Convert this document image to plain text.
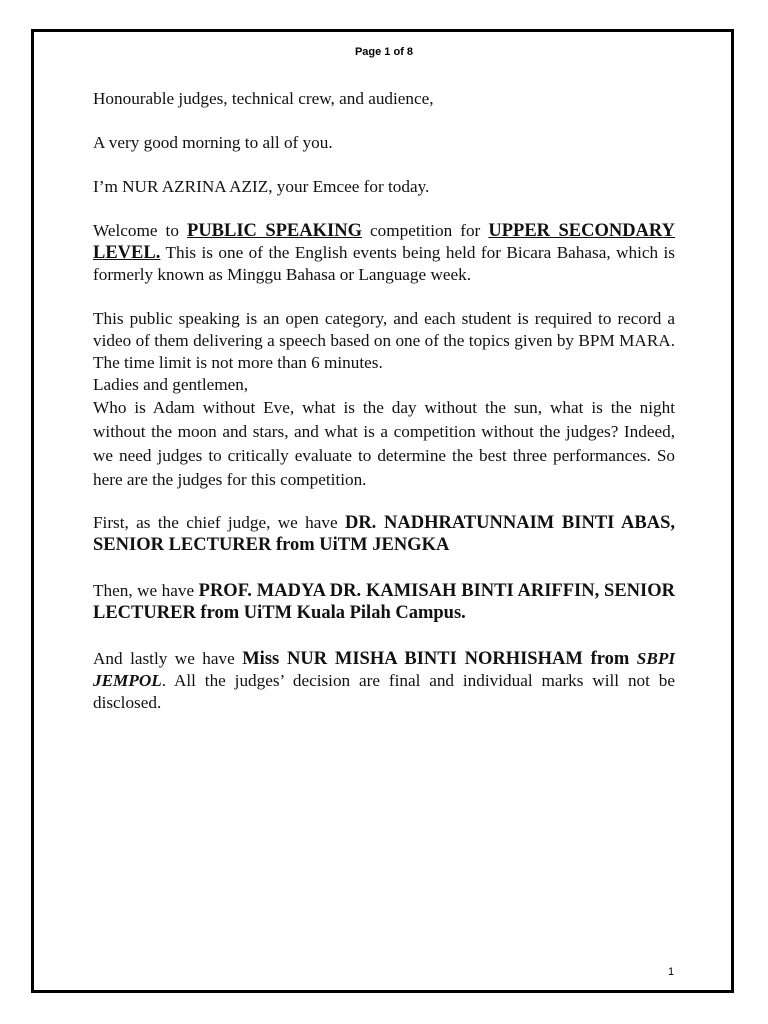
Page 1 of 8

Honourable judges, technical crew, and audience,

A very good morning to all of you.

I’m NUR AZRINA AZIZ, your Emcee for today.

Welcome to PUBLIC SPEAKING competition for UPPER SECONDARY LEVEL. This is one of the English events being held for Bicara Bahasa, which is formerly known as Minggu Bahasa or Language week.

This public speaking is an open category, and each student is required to record a video of them delivering a speech based on one of the topics given by BPM MARA. The time limit is not more than 6 minutes.

Ladies and gentlemen,

Who is Adam without Eve, what is the day without the sun, what is the night without the moon and stars, and what is a competition without the judges? Indeed, we need judges to critically evaluate to determine the best three performances. So here are the judges for this competition.

First, as the chief judge, we have DR. NADHRATUNNAIM BINTI ABAS, SENIOR LECTURER from UiTM JENGKA

Then, we have PROF. MADYA DR. KAMISAH BINTI ARIFFIN, SENIOR LECTURER from UiTM Kuala Pilah Campus.

And lastly we have Miss NUR MISHA BINTI NORHISHAM from SBPI JEMPOL. All the judges’ decision are final and individual marks will not be disclosed.

1
